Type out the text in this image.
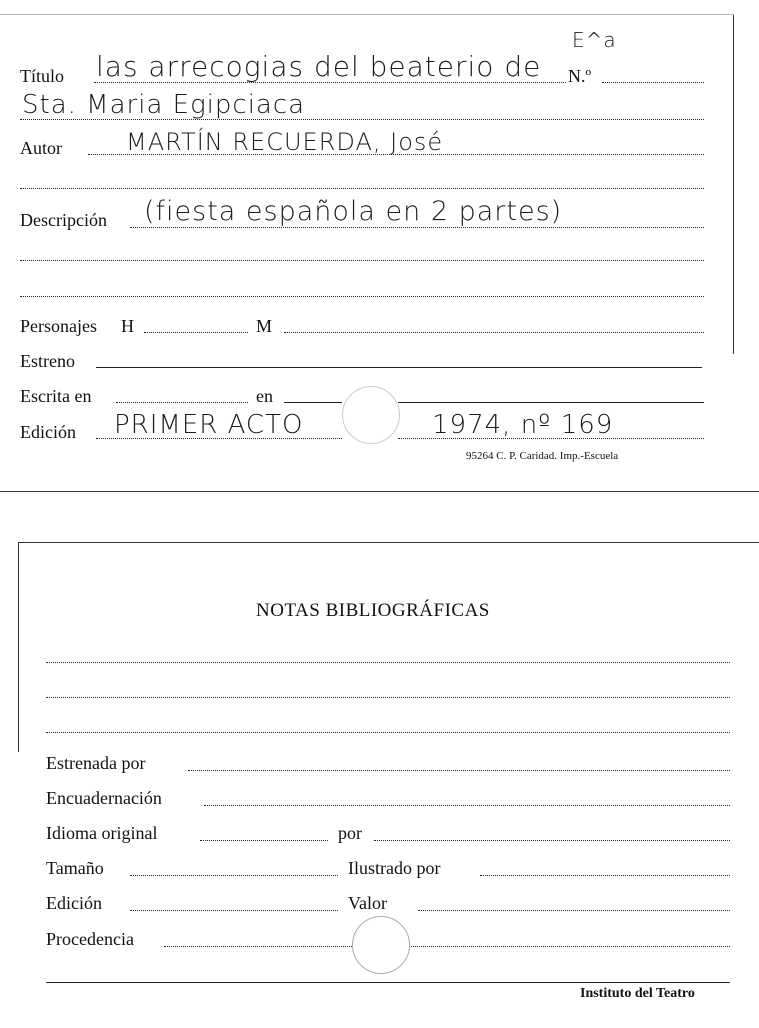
Título las arrecogias del beaterio de
E^a
N.º
Sta. Maria Egipciaca
Autor	MARTÍN RECUERDA, José
Descripción (fiesta española en 2 partes)
Personajes H	M
Estreno
Escrita en	en
Edición PRIMER ACTO	1974, nº 169
95264 C. P. Caridad. Imp.-Escuela
NOTAS BIBLIOGRÁFICAS
Estrenada por
Encuadernación
Idioma original	por
Tamaño	Ilustrado por
Edición	Valor
Procedencia
Instituto del Teatro
